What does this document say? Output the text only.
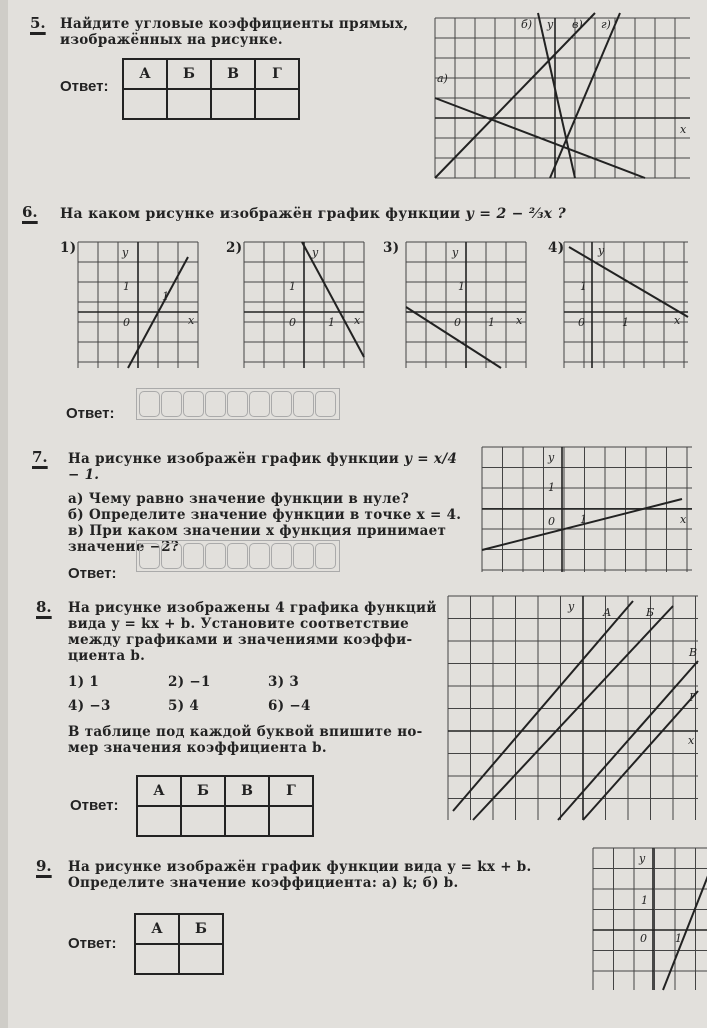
5. Найдите угловые коэффициенты прямых,
изображённых на рисунке.
Ответ:
А	Б	В	Г
				а)
б)	в) г)
y
x
6. На каком рисунке изображён график функции y = 2 − ⅔x ?
1)	y
x
0
1
1
2)	y
x
0
1
1
3)	y
x
0
1
1
4)	y
x
0
1
1
Ответ:
7. На рисунке изображён график функции y = x/4 − 1.
а) Чему равно значение функции в нуле?
б) Определите значение функции в точке x = 4.
в) При каком значении x функция принимает
значение −2?
Ответ:
y
x
0
1
1
8. На рисунке изображены 4 графика функций
вида y = kx + b. Установите соответствие
между графиками и значениями коэффи-
циента b.
1) 1	2) −1	3) 3
4) −3	5) 4	6) −4
В таблице под каждой буквой впишите но-
мер значения коэффициента b.
Ответ:
А	Б	В	Г

y	А	Б
В
Г
x
9. На рисунке изображён график функции вида y = kx + b.
Определите значение коэффициента: а) k; б) b.
Ответ:
А	Б

y
0
1
1
